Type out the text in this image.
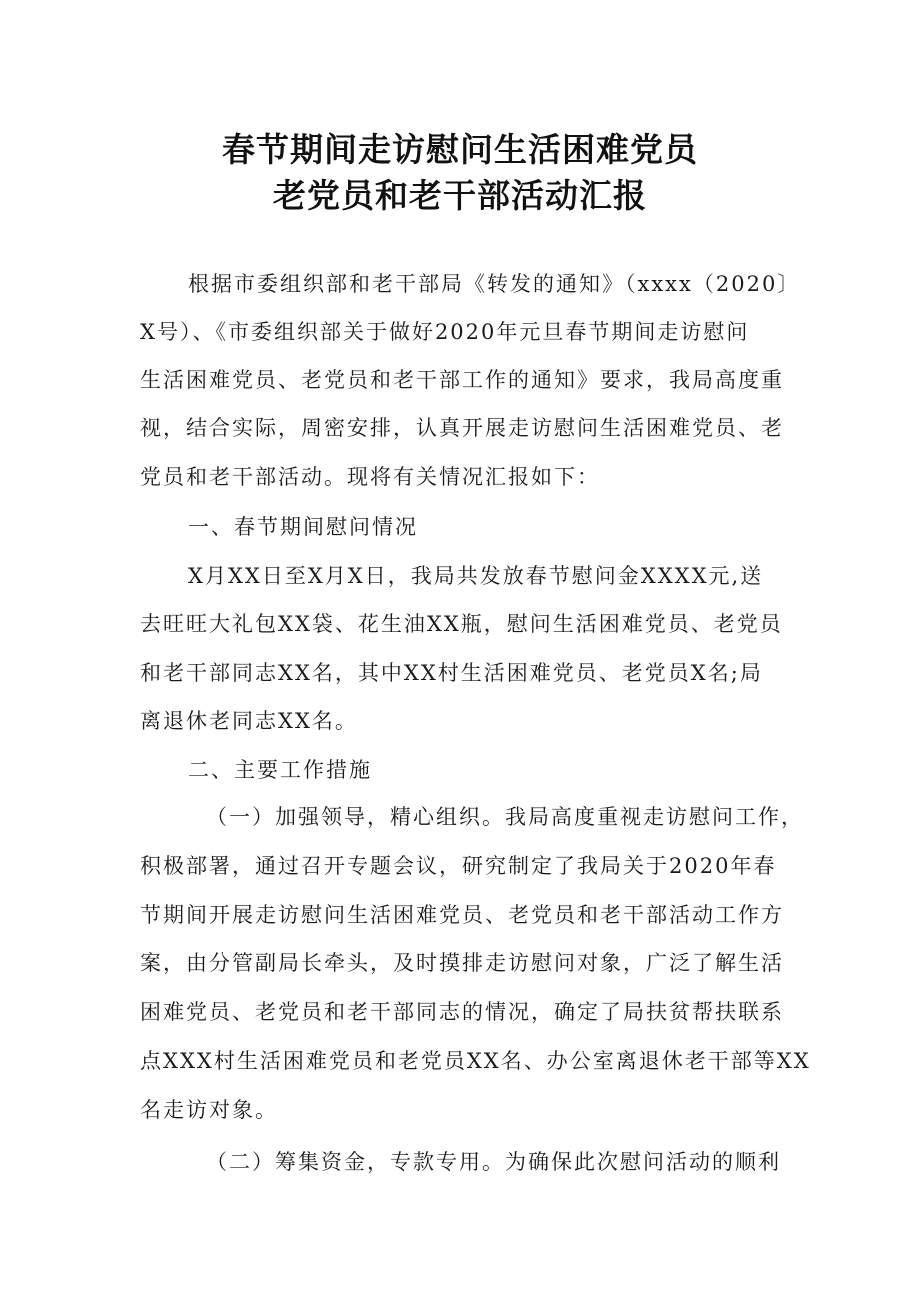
春节期间走访慰问生活困难党员
老党员和老干部活动汇报
根据市委组织部和老干部局《转发的通知》（xxxx（2020〕
X号）、《市委组织部关于做好2020年元旦春节期间走访慰问
生活困难党员、老党员和老干部工作的通知》要求，我局高度重
视，结合实际，周密安排，认真开展走访慰问生活困难党员、老
党员和老干部活动。现将有关情况汇报如下：
一、春节期间慰问情况
X月XX日至X月X日，我局共发放春节慰问金XXXX元,送
去旺旺大礼包XX袋、花生油XX瓶，慰问生活困难党员、老党员
和老干部同志XX名，其中XX村生活困难党员、老党员X名;局
离退休老同志XX名。
二、主要工作措施
（一）加强领导，精心组织。我局高度重视走访慰问工作，
积极部署，通过召开专题会议，研究制定了我局关于2020年春
节期间开展走访慰问生活困难党员、老党员和老干部活动工作方
案，由分管副局长牵头，及时摸排走访慰问对象，广泛了解生活
困难党员、老党员和老干部同志的情况，确定了局扶贫帮扶联系
点XXX村生活困难党员和老党员XX名、办公室离退休老干部等XX
名走访对象。
（二）筹集资金，专款专用。为确保此次慰问活动的顺利
